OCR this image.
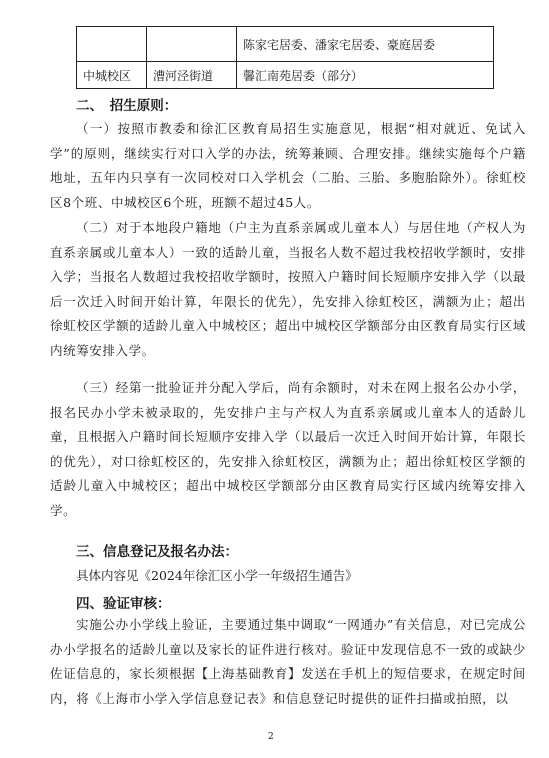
		陈家宅居委、潘家宅居委、豪庭居委
中城校区	漕河泾街道	馨汇南苑居委（部分）
二、　招生原则：
（一）按照市教委和徐汇区教育局招生实施意见，根据“相对就近、免试入学”的原则，继续实行对口入学的办法，统筹兼顾、合理安排。继续实施每个户籍地址，五年内只享有一次同校对口入学机会（二胎、三胎、多胞胎除外）。徐虹校区8个班、中城校区6个班，班额不超过45人。
（二）对于本地段户籍地（户主为直系亲属或儿童本人）与居住地（产权人为直系亲属或儿童本人）一致的适龄儿童，当报名人数不超过我校招收学额时，安排入学；当报名人数超过我校招收学额时，按照入户籍时间长短顺序安排入学（以最后一次迁入时间开始计算，年限长的优先），先安排入徐虹校区，满额为止；超出徐虹校区学额的适龄儿童入中城校区；超出中城校区学额部分由区教育局实行区域内统筹安排入学。
（三）经第一批验证并分配入学后，尚有余额时，对未在网上报名公办小学，报名民办小学未被录取的，先安排户主与产权人为直系亲属或儿童本人的适龄儿童，且根据入户籍时间长短顺序安排入学（以最后一次迁入时间开始计算，年限长的优先），对口徐虹校区的，先安排入徐虹校区，满额为止；超出徐虹校区学额的适龄儿童入中城校区；超出中城校区学额部分由区教育局实行区域内统筹安排入学。
三、信息登记及报名办法：
具体内容见《2024年徐汇区小学一年级招生通告》
四、验证审核：
实施公办小学线上验证，主要通过集中调取“一网通办”有关信息，对已完成公办小学报名的适龄儿童以及家长的证件进行核对。验证中发现信息不一致的或缺少佐证信息的，家长须根据【上海基础教育】发送在手机上的短信要求，在规定时间内，将《上海市小学入学信息登记表》和信息登记时提供的证件扫描或拍照，以
2
